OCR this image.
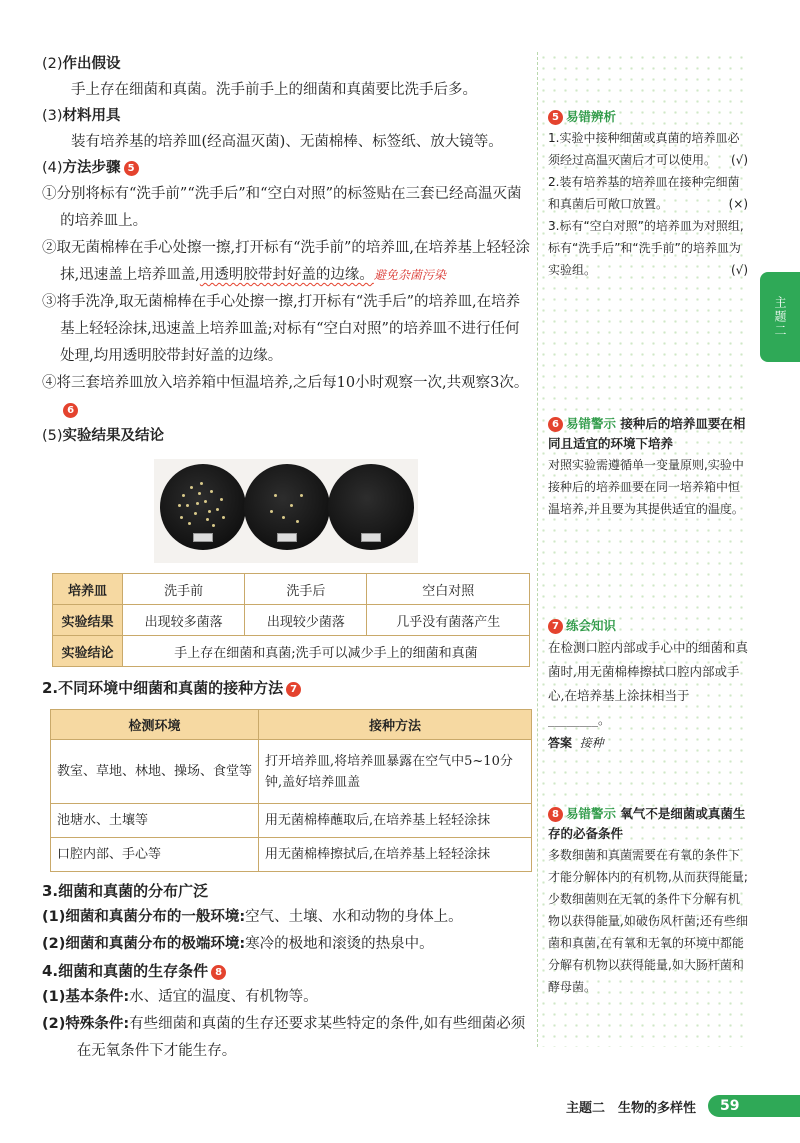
(2)作出假设
手上存在细菌和真菌。洗手前手上的细菌和真菌要比洗手后多。
(3)材料用具
装有培养基的培养皿(经高温灭菌)、无菌棉棒、标签纸、放大镜等。
(4)方法步骤 5
①分别将标有“洗手前”“洗手后”和“空白对照”的标签贴在三套已经高温灭菌的培养皿上。
②取无菌棉棒在手心处擦一擦,打开标有“洗手前”的培养皿,在培养基上轻轻涂抹,迅速盖上培养皿盖,用透明胶带封好盖的边缘。避免杂菌污染
③将手洗净,取无菌棉棒在手心处擦一擦,打开标有“洗手后”的培养皿,在培养基上轻轻涂抹,迅速盖上培养皿盖;对标有“空白对照”的培养皿不进行任何处理,均用透明胶带封好盖的边缘。
④将三套培养皿放入培养箱中恒温培养,之后每10小时观察一次,共观察3次。6
(5)实验结果及结论
培养皿	洗手前	洗手后	空白对照
实验结果	出现较多菌落	出现较少菌落	几乎没有菌落产生
实验结论	手上存在细菌和真菌;洗手可以减少手上的细菌和真菌		
2.不同环境中细菌和真菌的接种方法 7
检测环境	接种方法
教室、草地、林地、操场、食堂等	打开培养皿,将培养皿暴露在空气中5~10分钟,盖好培养皿盖
池塘水、土壤等	用无菌棉棒蘸取后,在培养基上轻轻涂抹
口腔内部、手心等	用无菌棉棒擦拭后,在培养基上轻轻涂抹
3.细菌和真菌的分布广泛
(1)细菌和真菌分布的一般环境:空气、土壤、水和动物的身体上。
(2)细菌和真菌分布的极端环境:寒冷的极地和滚烫的热泉中。
4.细菌和真菌的生存条件 8
(1)基本条件:水、适宜的温度、有机物等。
(2)特殊条件:有些细菌和真菌的生存还要求某些特定的条件,如有些细菌必须在无氧条件下才能生存。
5 易错辨析
1.实验中接种细菌或真菌的培养皿必须经过高温灭菌后才可以使用。 (√)
2.装有培养基的培养皿在接种完细菌和真菌后可敞口放置。	(×)
3.标有“空白对照”的培养皿为对照组,标有“洗手后”和“洗手前”的培养皿为实验组。	(√)
6 易错警示 接种后的培养皿要在相同且适宜的环境下培养
对照实验需遵循单一变量原则,实验中接种后的培养皿要在同一培养箱中恒温培养,并且要为其提供适宜的温度。
7 练会知识
在检测口腔内部或手心中的细菌和真菌时,用无菌棉棒擦拭口腔内部或手心,在培养基上涂抹相当于________。
答案 接种
8 易错警示 氧气不是细菌或真菌生存的必备条件
多数细菌和真菌需要在有氧的条件下才能分解体内的有机物,从而获得能量;少数细菌则在无氧的条件下分解有机物以获得能量,如破伤风杆菌;还有些细菌和真菌,在有氧和无氧的环境中都能分解有机物以获得能量,如大肠杆菌和酵母菌。
主题二
主题二　生物的多样性	59
